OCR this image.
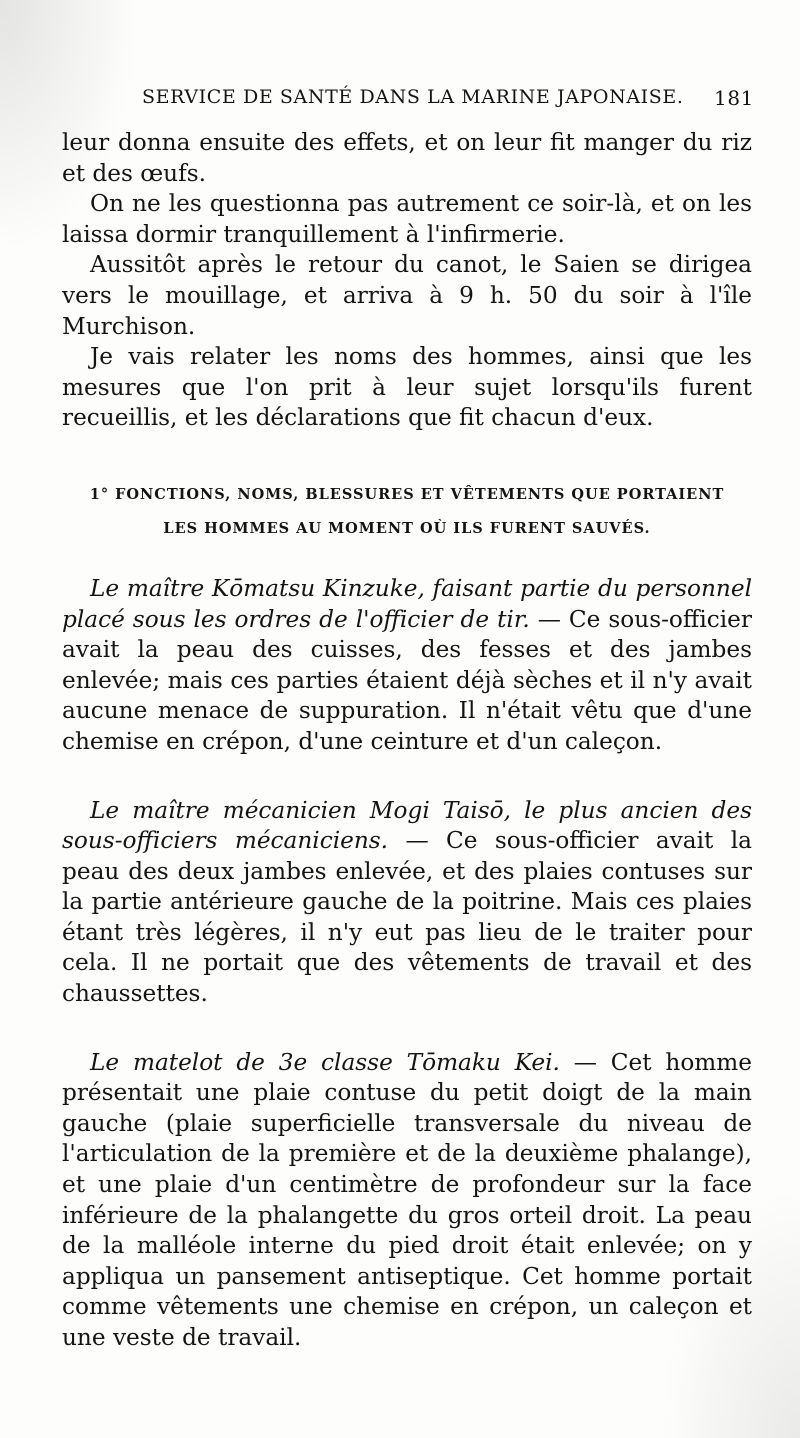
SERVICE DE SANTÉ DANS LA MARINE JAPONAISE. 181

leur donna ensuite des effets, et on leur fit manger du riz et des œufs.

On ne les questionna pas autrement ce soir-là, et on les laissa dormir tranquillement à l'infirmerie.

Aussitôt après le retour du canot, le Saien se dirigea vers le mouillage, et arriva à 9 h. 50 du soir à l'île Murchison.

Je vais relater les noms des hommes, ainsi que les mesures que l'on prit à leur sujet lorsqu'ils furent recueillis, et les déclarations que fit chacun d'eux.

1° FONCTIONS, NOMS, BLESSURES ET VÊTEMENTS QUE PORTAIENT
LES HOMMES AU MOMENT OÙ ILS FURENT SAUVÉS.

Le maître Kōmatsu Kinzuke, faisant partie du personnel placé sous les ordres de l'officier de tir. — Ce sous-officier avait la peau des cuisses, des fesses et des jambes enlevée; mais ces parties étaient déjà sèches et il n'y avait aucune menace de suppuration. Il n'était vêtu que d'une chemise en crépon, d'une ceinture et d'un caleçon.

Le maître mécanicien Mogi Taisō, le plus ancien des sous-officiers mécaniciens. — Ce sous-officier avait la peau des deux jambes enlevée, et des plaies contuses sur la partie antérieure gauche de la poitrine. Mais ces plaies étant très légères, il n'y eut pas lieu de le traiter pour cela. Il ne portait que des vêtements de travail et des chaussettes.

Le matelot de 3e classe Tōmaku Kei. — Cet homme présentait une plaie contuse du petit doigt de la main gauche (plaie superficielle transversale du niveau de l'articulation de la première et de la deuxième phalange), et une plaie d'un centimètre de profondeur sur la face inférieure de la phalangette du gros orteil droit. La peau de la malléole interne du pied droit était enlevée; on y appliqua un pansement antiseptique. Cet homme portait comme vêtements une chemise en crépon, un caleçon et une veste de travail.
